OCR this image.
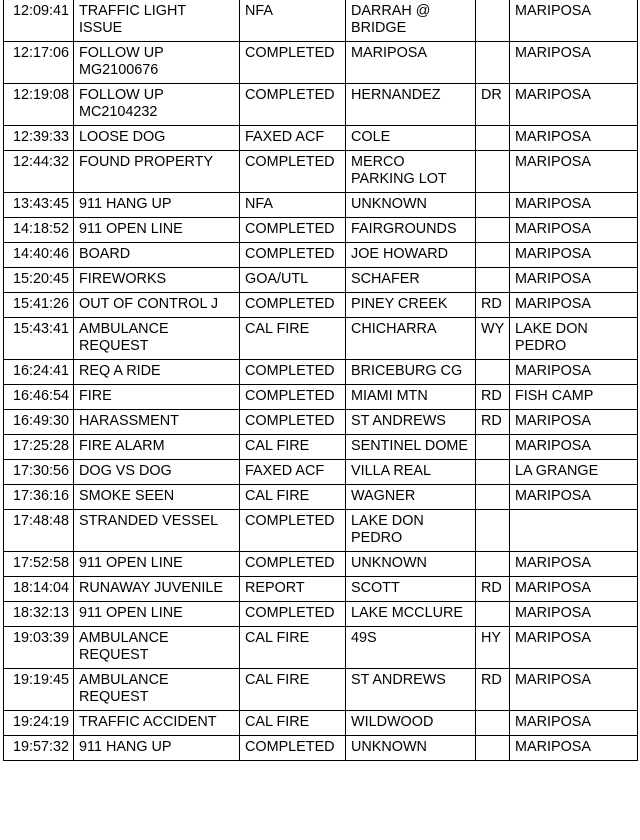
12:09:41	TRAFFIC LIGHT
ISSUE	NFA	DARRAH @
BRIDGE		MARIPOSA
12:17:06	FOLLOW UP
MG2100676	COMPLETED	MARIPOSA		MARIPOSA
12:19:08	FOLLOW UP
MC2104232	COMPLETED	HERNANDEZ	DR	MARIPOSA
12:39:33	LOOSE DOG	FAXED ACF	COLE		MARIPOSA
12:44:32	FOUND PROPERTY	COMPLETED	MERCO
PARKING LOT		MARIPOSA
13:43:45	911 HANG UP	NFA	UNKNOWN		MARIPOSA
14:18:52	911 OPEN LINE	COMPLETED	FAIRGROUNDS		MARIPOSA
14:40:46	BOARD	COMPLETED	JOE HOWARD		MARIPOSA
15:20:45	FIREWORKS	GOA/UTL	SCHAFER		MARIPOSA
15:41:26	OUT OF CONTROL J	COMPLETED	PINEY CREEK	RD	MARIPOSA
15:43:41	AMBULANCE
REQUEST	CAL FIRE	CHICHARRA	WY	LAKE DON
PEDRO
16:24:41	REQ A RIDE	COMPLETED	BRICEBURG CG		MARIPOSA
16:46:54	FIRE	COMPLETED	MIAMI MTN	RD	FISH CAMP
16:49:30	HARASSMENT	COMPLETED	ST ANDREWS	RD	MARIPOSA
17:25:28	FIRE ALARM	CAL FIRE	SENTINEL DOME		MARIPOSA
17:30:56	DOG VS DOG	FAXED ACF	VILLA REAL		LA GRANGE
17:36:16	SMOKE SEEN	CAL FIRE	WAGNER		MARIPOSA
17:48:48	STRANDED VESSEL	COMPLETED	LAKE DON
PEDRO		
17:52:58	911 OPEN LINE	COMPLETED	UNKNOWN		MARIPOSA
18:14:04	RUNAWAY JUVENILE	REPORT	SCOTT	RD	MARIPOSA
18:32:13	911 OPEN LINE	COMPLETED	LAKE MCCLURE		MARIPOSA
19:03:39	AMBULANCE
REQUEST	CAL FIRE	49S	HY	MARIPOSA
19:19:45	AMBULANCE
REQUEST	CAL FIRE	ST ANDREWS	RD	MARIPOSA
19:24:19	TRAFFIC ACCIDENT	CAL FIRE	WILDWOOD		MARIPOSA
19:57:32	911 HANG UP	COMPLETED	UNKNOWN		MARIPOSA
